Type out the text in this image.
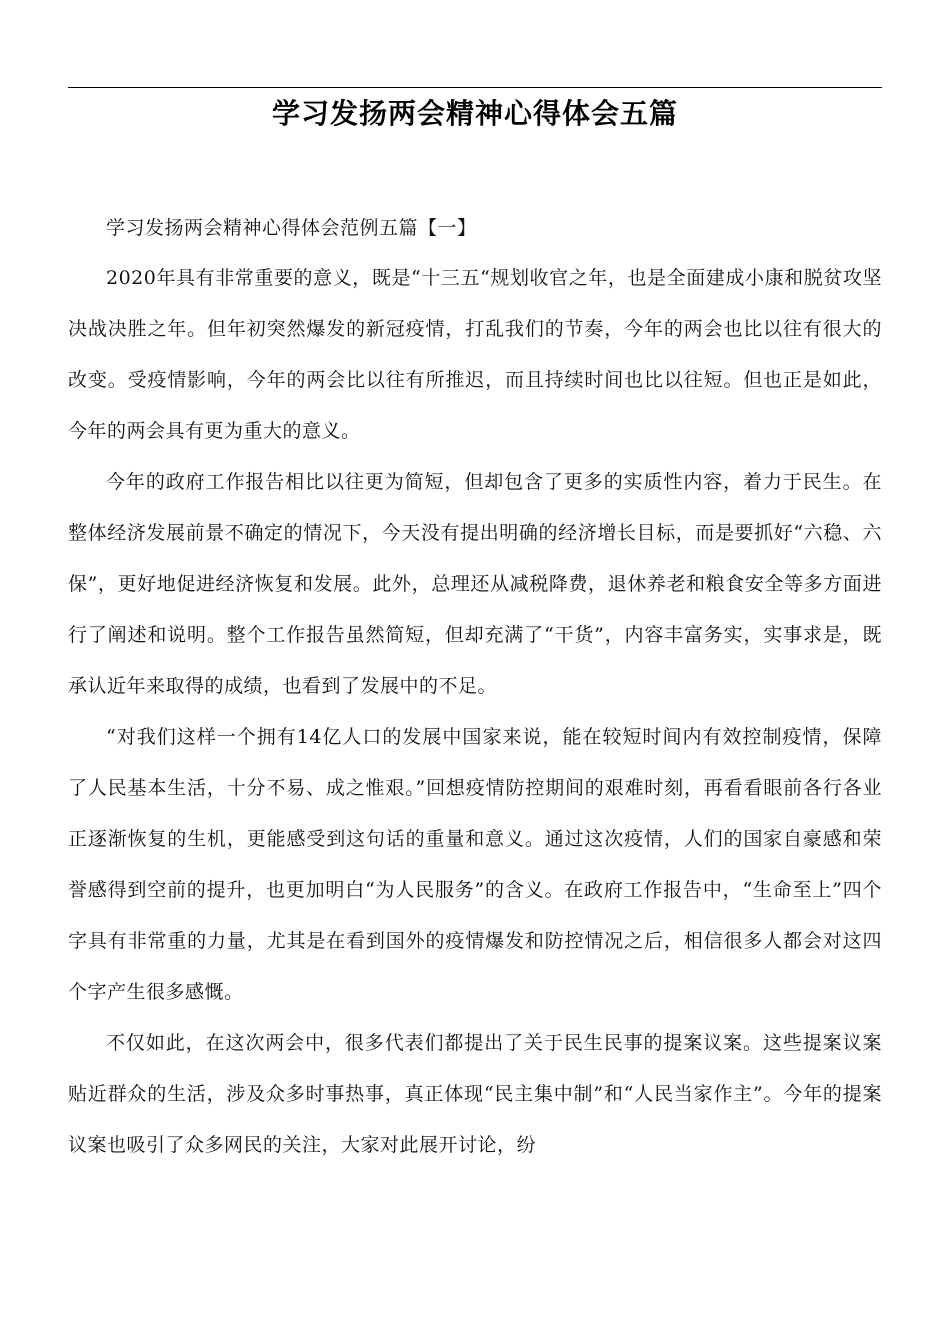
学习发扬两会精神心得体会五篇

学习发扬两会精神心得体会范例五篇【一】

2020年具有非常重要的意义，既是“十三五“规划收官之年，也是全面建成小康和脱贫攻坚决战决胜之年。但年初突然爆发的新冠疫情，打乱我们的节奏，今年的两会也比以往有很大的改变。受疫情影响，今年的两会比以往有所推迟，而且持续时间也比以往短。但也正是如此，今年的两会具有更为重大的意义。

今年的政府工作报告相比以往更为简短，但却包含了更多的实质性内容，着力于民生。在整体经济发展前景不确定的情况下，今天没有提出明确的经济增长目标，而是要抓好“六稳、六保”，更好地促进经济恢复和发展。此外，总理还从减税降费，退休养老和粮食安全等多方面进行了阐述和说明。整个工作报告虽然简短，但却充满了“干货”，内容丰富务实，实事求是，既承认近年来取得的成绩，也看到了发展中的不足。

“对我们这样一个拥有14亿人口的发展中国家来说，能在较短时间内有效控制疫情，保障了人民基本生活，十分不易、成之惟艰。”回想疫情防控期间的艰难时刻，再看看眼前各行各业正逐渐恢复的生机，更能感受到这句话的重量和意义。通过这次疫情，人们的国家自豪感和荣誉感得到空前的提升，也更加明白“为人民服务”的含义。在政府工作报告中，“生命至上”四个字具有非常重的力量，尤其是在看到国外的疫情爆发和防控情况之后，相信很多人都会对这四个字产生很多感慨。

不仅如此，在这次两会中，很多代表们都提出了关于民生民事的提案议案。这些提案议案贴近群众的生活，涉及众多时事热事，真正体现“民主集中制”和“人民当家作主”。今年的提案议案也吸引了众多网民的关注，大家对此展开讨论，纷
